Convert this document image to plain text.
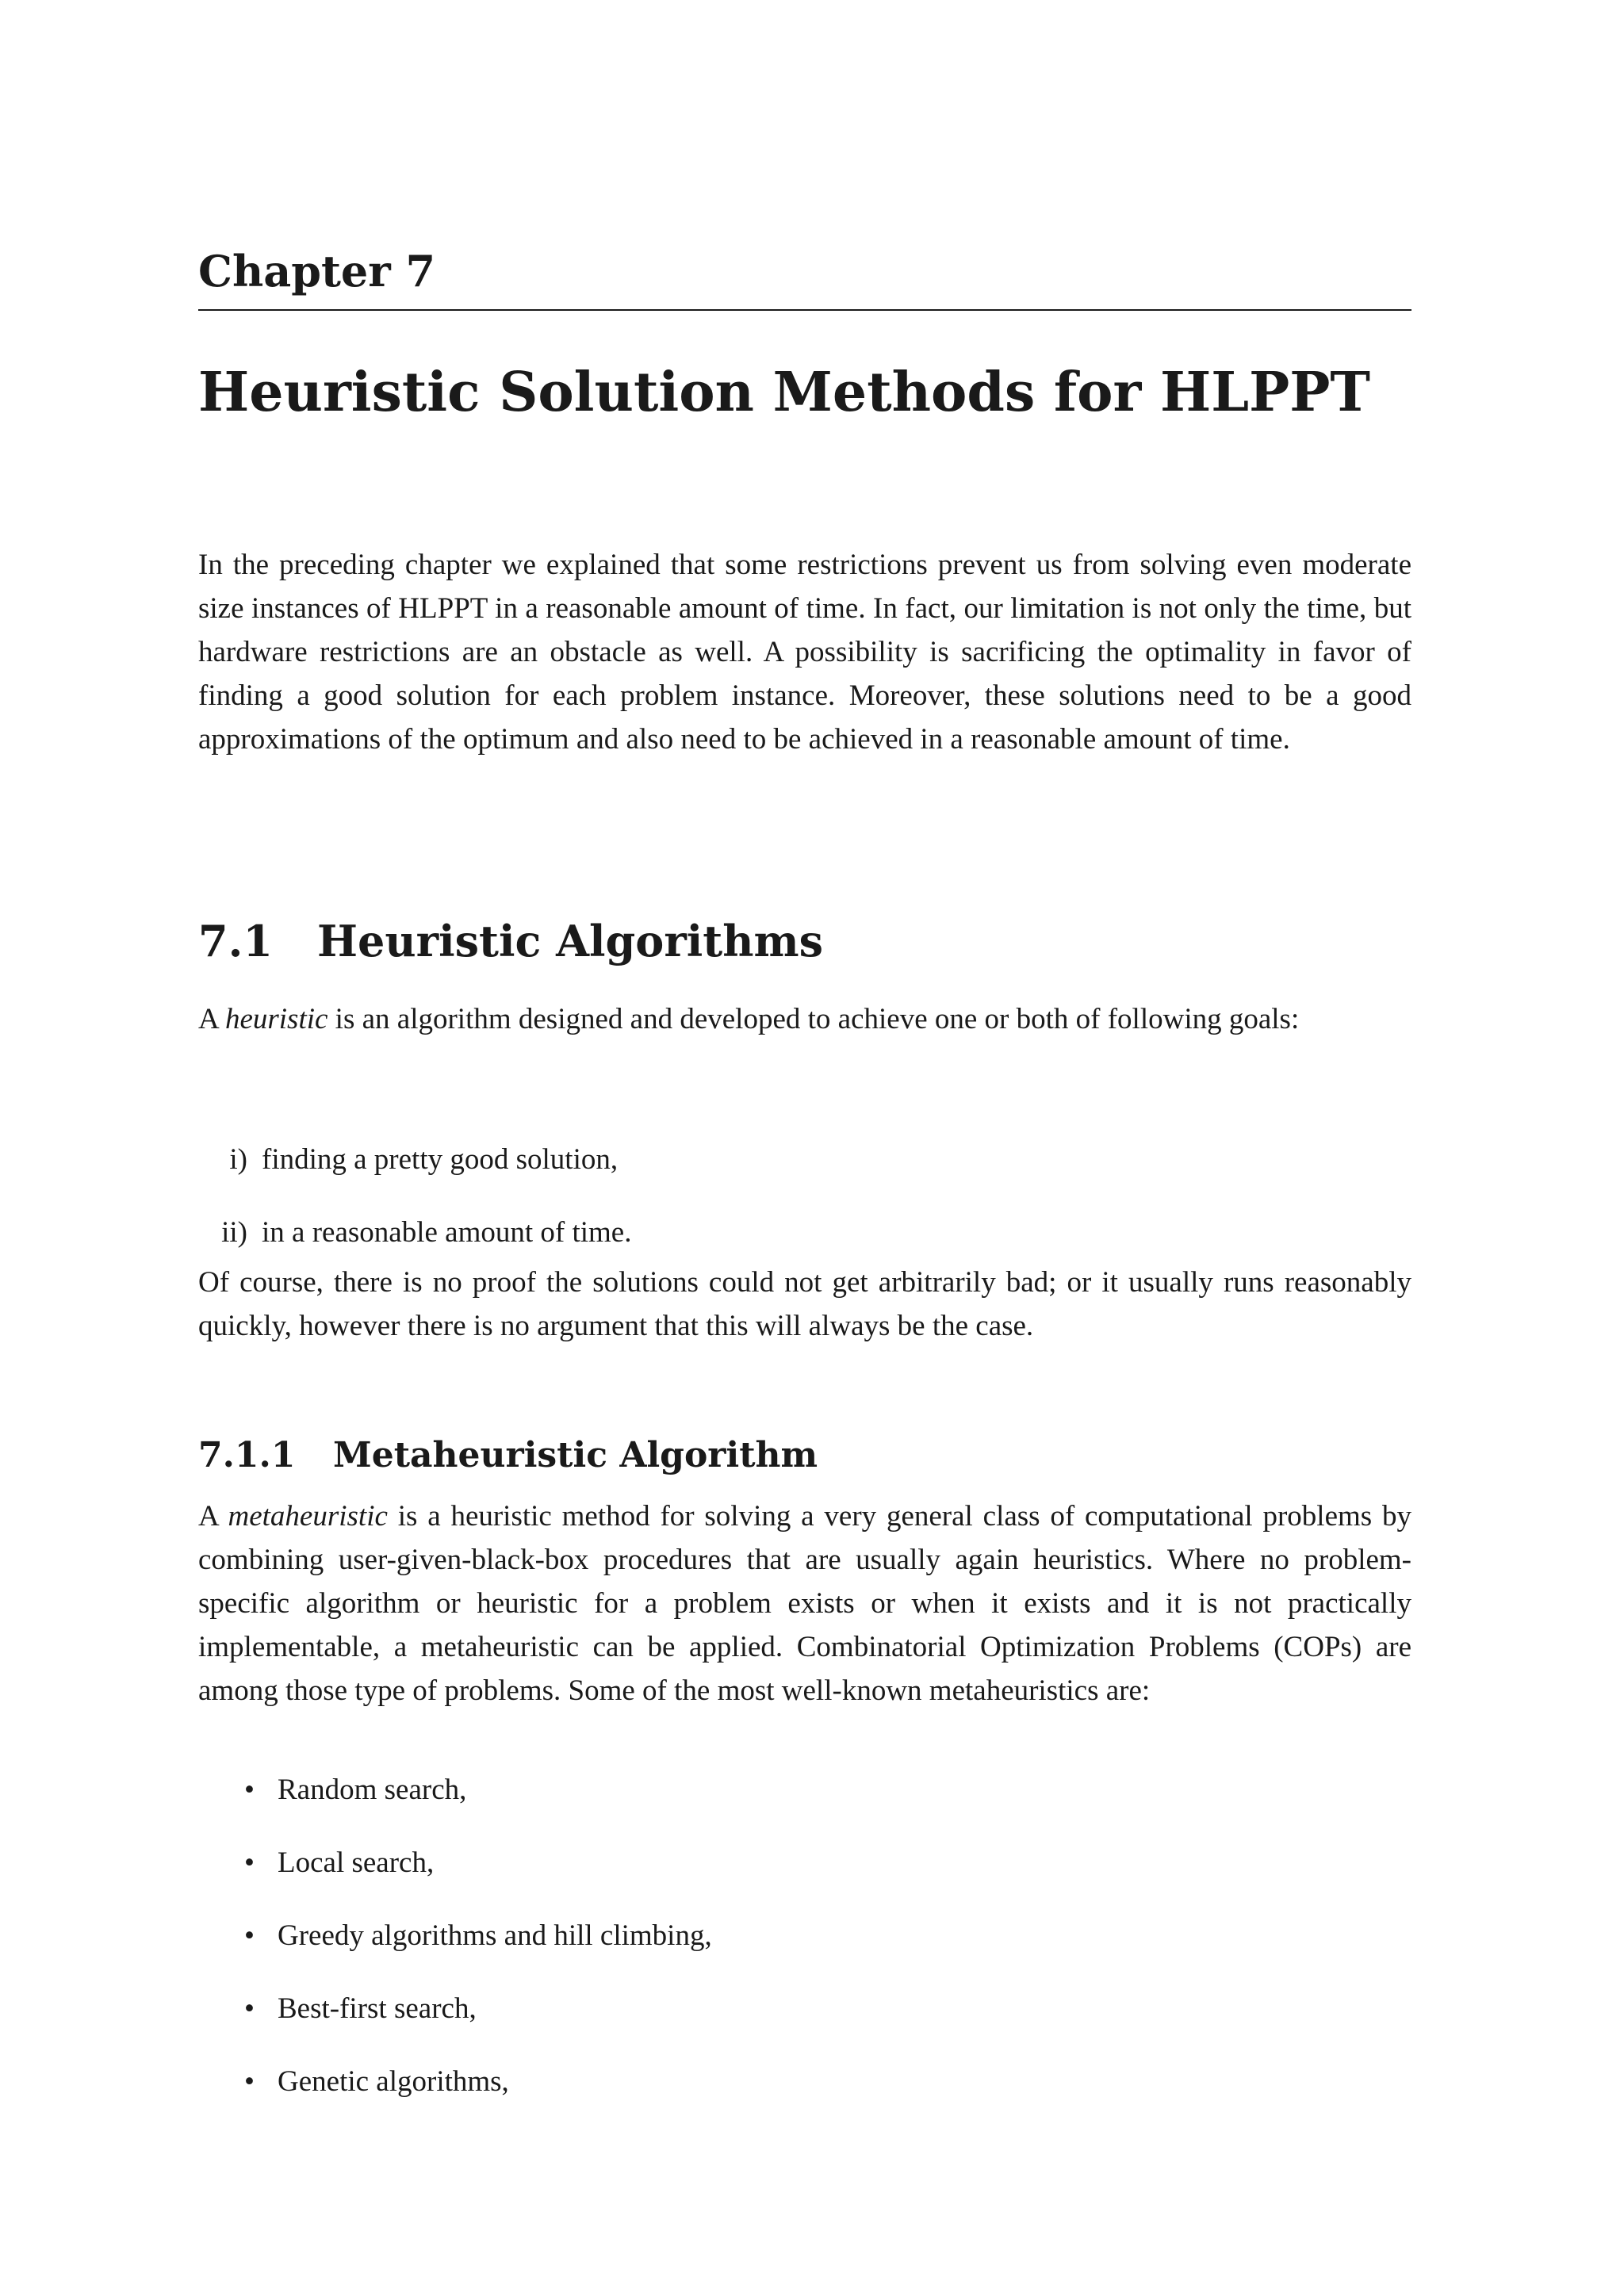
Chapter 7
Heuristic Solution Methods for HLPPT

In the preceding chapter we explained that some restrictions prevent us from solving even moderate size instances of HLPPT in a reasonable amount of time. In fact, our limitation is not only the time, but hardware restrictions are an obstacle as well. A possibility is sacrificing the optimality in favor of finding a good solution for each problem instance. Moreover, these solutions need to be a good approximations of the optimum and also need to be achieved in a reasonable amount of time.

7.1 Heuristic Algorithms

A heuristic is an algorithm designed and developed to achieve one or both of following goals:

i) finding a pretty good solution,
ii) in a reasonable amount of time.

Of course, there is no proof the solutions could not get arbitrarily bad; or it usually runs reasonably quickly, however there is no argument that this will always be the case.

7.1.1 Metaheuristic Algorithm

A metaheuristic is a heuristic method for solving a very general class of computational problems by combining user-given-black-box procedures that are usually again heuristics. Where no problem-specific algorithm or heuristic for a problem exists or when it exists and it is not practically implementable, a metaheuristic can be applied. Combinatorial Optimization Problems (COPs) are among those type of problems. Some of the most well-known metaheuristics are:

• Random search,
• Local search,
• Greedy algorithms and hill climbing,
• Best-first search,
• Genetic algorithms,
